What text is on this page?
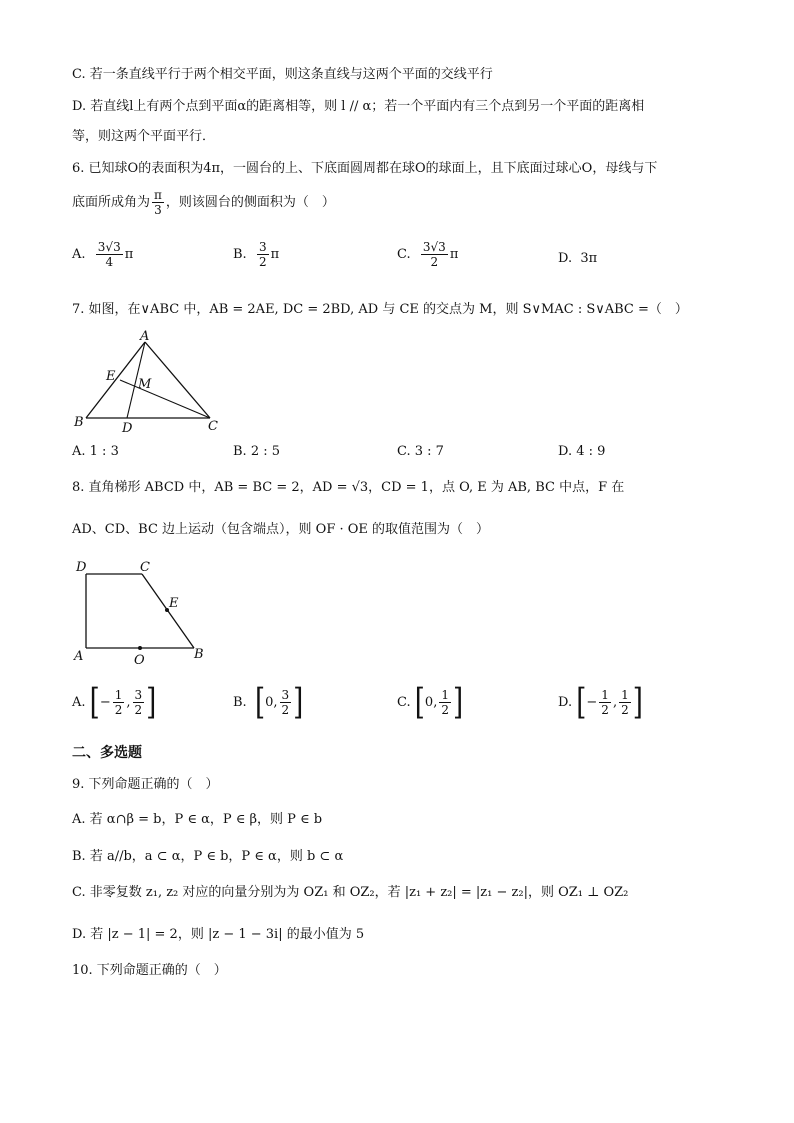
C. 若一条直线平行于两个相交平面，则这条直线与这两个平面的交线平行
D. 若直线l上有两个点到平面α的距离相等，则 l // α；若一个平面内有三个点到另一个平面的距离相
等，则这两个平面平行．
6. 已知球O的表面积为4π，一圆台的上、下底面圆周都在球O的球面上，且下底面过球心O，母线与下
底面所成角为 $\frac{\pi}{3}$ ，则该圆台的侧面积为（　）
A. $\frac{3√3}{4}$ π	B. $\frac{3}{2}$ π	C. $\frac{3√3}{2}$ π	D. 3π
7. 如图，在∨ABC 中，AB = 2AE, DC = 2BD, AD 与 CE 的交点为 M，则 S∨MAC : S∨ABC =（　）
A
B	C
D
E
M
A. 1 : 3	B. 2 : 5	C. 3 : 7	D. 4 : 9
8. 直角梯形 ABCD 中，AB = BC = 2，AD = √3，CD = 1，点 O, E 为 AB, BC 中点，F 在
AD、CD、BC 边上运动（包含端点），则 OF · OE 的取值范围为（　）
D	C
A	B
O
E
A. [− $\frac{1}{2}$ , $\frac{3}{2}$ ]	B. [0, $\frac{3}{2}$ ]	C. [0, $\frac{1}{2}$ ]	D. [− $\frac{1}{2}$ , $\frac{1}{2}$ ]
二、多选题
9. 下列命题正确的（　）
A. 若 α∩β = b，P ∈ α，P ∈ β，则 P ∈ b
B. 若 a//b，a ⊂ α，P ∈ b，P ∈ α，则 b ⊂ α
C. 非零复数 z₁, z₂ 对应的向量分别为为 OZ₁ 和 OZ₂，若 |z₁ + z₂| = |z₁ − z₂|，则 OZ₁ ⊥ OZ₂
D. 若 |z − 1| = 2，则 |z − 1 − 3i| 的最小值为 5
10. 下列命题正确的（　）
